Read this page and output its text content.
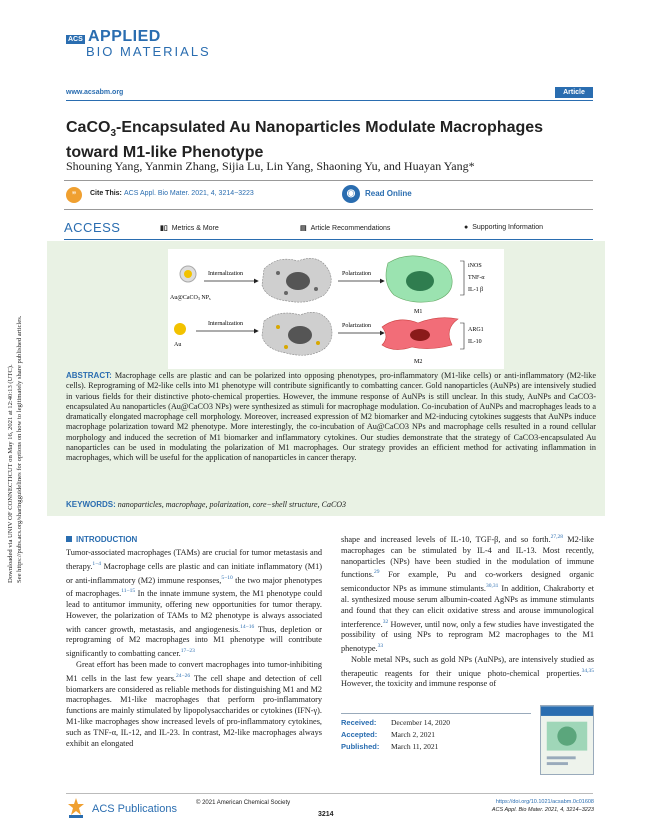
ACS APPLIED
BIO MATERIALS
www.acsabm.org	Article
CaCO$_3$-Encapsulated Au Nanoparticles Modulate Macrophages
toward M1-like Phenotype
Shouning Yang, Yanmin Zhang, Sijia Lu, Lin Yang, Shaoning Yu, and Huayan Yang*
”	Cite This: ACS Appl. Bio Mater. 2021, 4, 3214−3223	◉	Read Online
ACCESS	▮▯ Metrics & More	▤ Article Recommendations	● Supporting Information
Au@CaCO3 NPs
Au
Internalization
Internalization
Polarization
Polarization
M1
M2
iNOS
TNF-α
IL-1 β
ARG1
IL-10
ABSTRACT: Macrophage cells are plastic and can be polarized into opposing phenotypes, pro-inflammatory (M1-like cells) or anti-inflammatory (M2-like cells). Reprograming of M2-like cells into M1 phenotype will contribute significantly to combatting cancer. Gold nanoparticles (AuNPs) are intensively studied in various fields for their distinctive photo-chemical properties. However, the immune response of AuNPs is still unclear. In this study, AuNPs and CaCO3-encapsulated Au nanoparticles (Au@CaCO3 NPs) were synthesized as stimuli for macrophage modulation. Co-incubation of AuNPs and macrophages leads to a dramatically elongated macrophage cell morphology. Moreover, increased expression of M2 biomarker and M2-inducing cytokines suggests that AuNPs induce macrophage polarization toward M2 phenotype. More interestingly, the co-incubation of Au@CaCO3 NPs and macrophage cells resulted in a round cellular morphology and induced the secretion of M1 biomarker and inflammatory cytokines. Our studies demonstrate that the strategy of CaCO3-encapsulated Au nanoparticles can be used in modulating the polarization of M1 macrophages. Our strategy provides an efficient method for activating inflammation in macrophages, which will be useful for the application of nanoparticles in cancer therapy.
KEYWORDS: nanoparticles, macrophage, polarization, core−shell structure, CaCO3
Downloaded via UNIV OF CONNECTICUT on May 16, 2021 at 12:40:13 (UTC). See https://pubs.acs.org/sharingguidelines for options on how to legitimately share published articles.	INTRODUCTION

Tumor-associated macrophages (TAMs) are crucial for tumor metastasis and therapy.$^{1-4}$ Macrophage cells are plastic and can initiate inflammatory (M1) or anti-inflammatory (M2) immune responses,$^{5-10}$ the two major phenotypes of macrophages.$^{11-15}$ In the innate immune system, the M1 phenotype could lead to antitumor immunity, offering new opportunities for tumor therapy. However, the polarization of TAMs to M2 phenotype is always associated with cancer growth, metastasis, and angiogenesis.$^{14-16}$ Thus, depletion or reprograming of M2 macrophages into M1 phenotype will contribute significantly to combatting cancer.$^{17-23}$

Great effort has been made to convert macrophages into tumor-inhibiting M1 cells in the last few years.$^{24-26}$ The cell shape and detection of cell biomarkers are considered as reliable methods for distinguishing M1 and M2 macrophages. M1-like macrophages that perform pro-inflammatory functions are mainly stimulated by lipopolysaccharides or cytokines (IFN-γ). M1-like macrophages show increased levels of pro-inflammatory cytokines, such as TNF-α, IL-12, and IL-23. In contrast, M2-like macrophages always exhibit an elongated

shape and increased levels of IL-10, TGF-β, and so forth.$^{27,28}$ M2-like macrophages can be stimulated by IL-4 and IL-13. Most recently, nanoparticles (NPs) have been studied in the modulation of immune functions.$^{29}$ For example, Pu and co-workers designed organic semiconductor NPs as immune stimulants.$^{30,31}$ In addition, Chakraborty et al. synthesized mouse serum albumin-coated AgNPs as immune stimulants and found that they can elicit oxidative stress and arouse immunological interference.$^{32}$ However, until now, only a few studies have investigated the possibility of using NPs to reprogram M2 macrophages to the M1 phenotype.$^{33}$

Noble metal NPs, such as gold NPs (AuNPs), are intensively studied as therapeutic reagents for their unique photo-chemical properties.$^{34,35}$ However, the toxicity and immune response of

Received: December 14, 2020
Accepted: March 2, 2021
Published: March 11, 2021
ACS Publications	© 2021 American Chemical Society
3214
https://doi.org/10.1021/acsabm.0c01608
ACS Appl. Bio Mater. 2021, 4, 3214−3223
